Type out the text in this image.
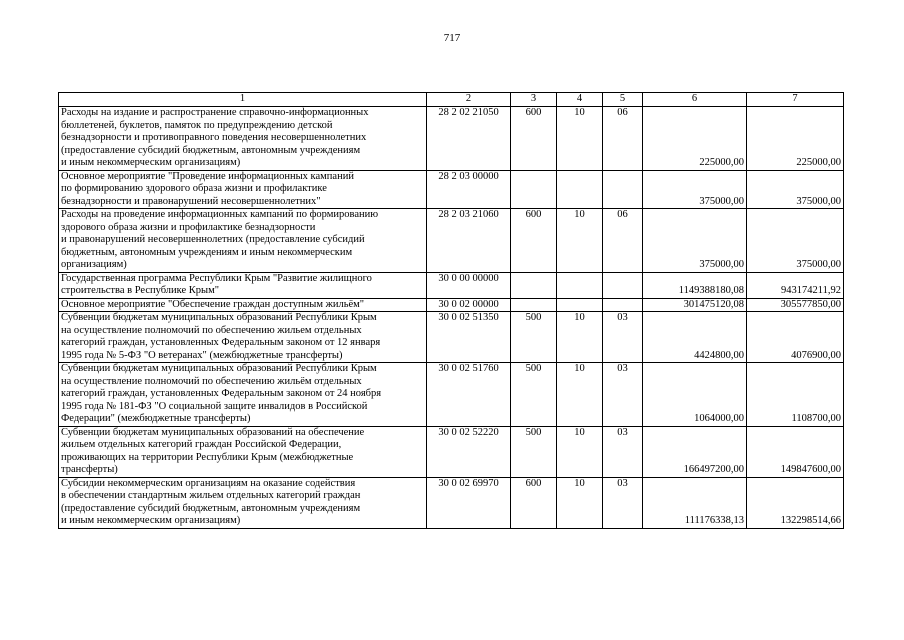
717
1	2	3	4	5	6	7
Расходы на издание и распространение справочно-информационных
бюллетеней, буклетов, памяток по предупреждению детской
безнадзорности и противоправного поведения несовершеннолетних
(предоставление субсидий бюджетным, автономным учреждениям
и иным некоммерческим организациям)	28 2 02 21050	600	10	06	225000,00	225000,00
Основное мероприятие "Проведение информационных кампаний
по формированию здорового образа жизни и профилактике
безнадзорности и правонарушений несовершеннолетних"	28 2 03 00000				375000,00	375000,00
Расходы на проведение информационных кампаний по формированию
здорового образа жизни и профилактике безнадзорности
и правонарушений несовершеннолетних (предоставление субсидий
бюджетным, автономным учреждениям и иным некоммерческим
организациям)	28 2 03 21060	600	10	06	375000,00	375000,00
Государственная программа Республики Крым "Развитие жилищного
строительства в Республике Крым"	30 0 00 00000				1149388180,08	943174211,92
Основное мероприятие "Обеспечение граждан доступным жильём"	30 0 02 00000				301475120,08	305577850,00
Субвенции бюджетам муниципальных образований Республики Крым
на осуществление полномочий по обеспечению жильем отдельных
категорий граждан, установленных Федеральным законом от 12 января
1995 года № 5-ФЗ "О ветеранах" (межбюджетные трансферты)	30 0 02 51350	500	10	03	4424800,00	4076900,00
Субвенции бюджетам муниципальных образований Республики Крым
на осуществление полномочий по обеспечению жильём отдельных
категорий граждан, установленных Федеральным законом от 24 ноября
1995 года № 181-ФЗ "О социальной защите инвалидов в Российской
Федерации" (межбюджетные трансферты)	30 0 02 51760	500	10	03	1064000,00	1108700,00
Субвенции бюджетам муниципальных образований на обеспечение
жильем отдельных категорий граждан Российской Федерации,
проживающих на территории Республики Крым (межбюджетные
трансферты)	30 0 02 52220	500	10	03	166497200,00	149847600,00
Субсидии некоммерческим организациям на оказание содействия
в обеспечении стандартным жильем отдельных категорий граждан
(предоставление субсидий бюджетным, автономным учреждениям
и иным некоммерческим организациям)	30 0 02 69970	600	10	03	111176338,13	132298514,66
